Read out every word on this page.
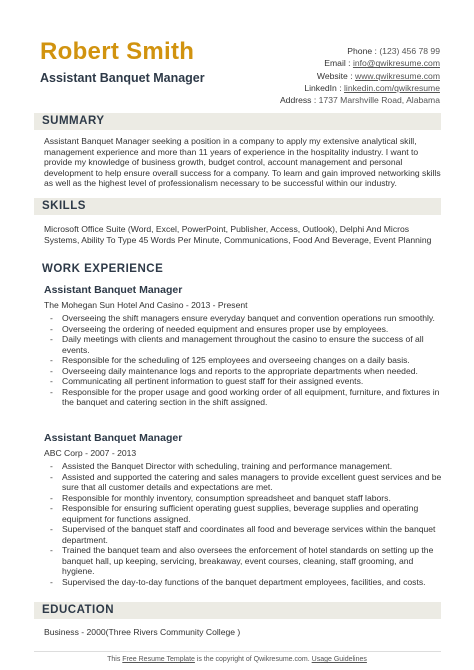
Robert Smith
Assistant Banquet Manager
Phone : (123) 456 78 99
Email : info@qwikresume.com
Website : www.qwikresume.com
LinkedIn : linkedin.com/qwikresume
Address : 1737 Marshville Road, Alabama
SUMMARY
Assistant Banquet Manager seeking a position in a company to apply my extensive analytical skill, management experience and more than 11 years of experience in the hospitality industry. I want to provide my knowledge of business growth, budget control, account management and personal development to help ensure overall success for a company. To learn and gain improved networking skills as well as the highest level of professionalism necessary to be successful within our industry.
SKILLS
Microsoft Office Suite (Word, Excel, PowerPoint, Publisher, Access, Outlook), Delphi And Micros Systems, Ability To Type 45 Words Per Minute, Communications, Food And Beverage, Event Planning
WORK EXPERIENCE
Assistant Banquet Manager
The Mohegan Sun Hotel And Casino - 2013 - Present
- Overseeing the shift managers ensure everyday banquet and convention operations run smoothly.
- Overseeing the ordering of needed equipment and ensures proper use by employees.
- Daily meetings with clients and management throughout the casino to ensure the success of all events.
- Responsible for the scheduling of 125 employees and overseeing changes on a daily basis.
- Overseeing daily maintenance logs and reports to the appropriate departments when needed.
- Communicating all pertinent information to guest staff for their assigned events.
- Responsible for the proper usage and good working order of all equipment, furniture, and fixtures in the banquet and catering section in the shift assigned.
Assistant Banquet Manager
ABC Corp - 2007 - 2013
- Assisted the Banquet Director with scheduling, training and performance management.
- Assisted and supported the catering and sales managers to provide excellent guest services and be sure that all customer details and expectations are met.
- Responsible for monthly inventory, consumption spreadsheet and banquet staff labors.
- Responsible for ensuring sufficient operating guest supplies, beverage supplies and operating equipment for functions assigned.
- Supervised of the banquet staff and coordinates all food and beverage services within the banquet department.
- Trained the banquet team and also oversees the enforcement of hotel standards on setting up the banquet hall, up keeping, servicing, breakaway, event courses, cleaning, staff grooming, and hygiene.
- Supervised the day-to-day functions of the banquet department employees, facilities, and costs.
EDUCATION
Business - 2000(Three Rivers Community College )
This Free Resume Template is the copyright of Qwikresume.com. Usage Guidelines
